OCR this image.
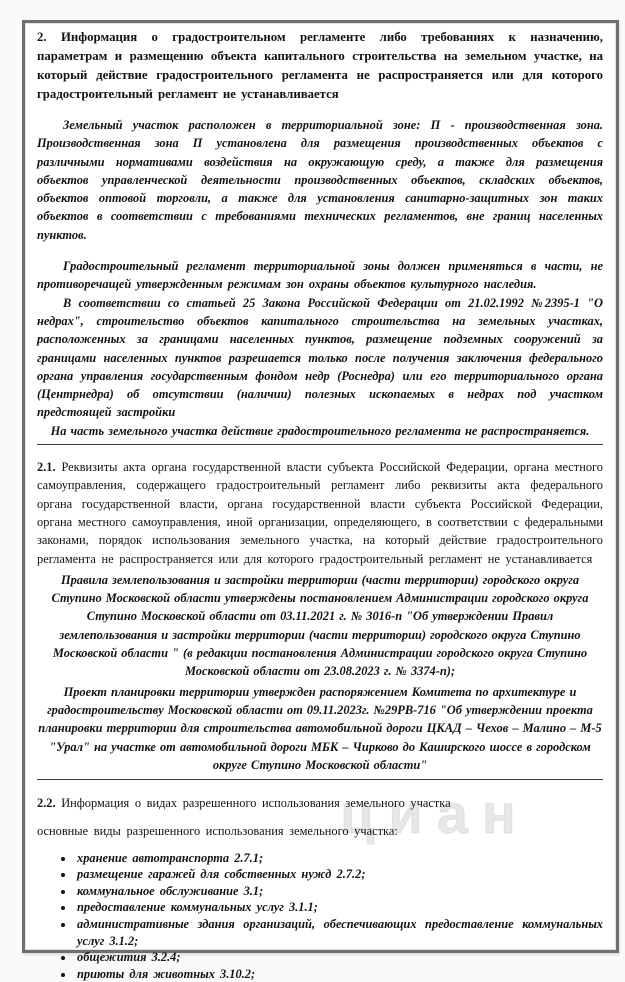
циан

2. Информация о градостроительном регламенте либо требованиях к назначению, параметрам и размещению объекта капитального строительства на земельном участке, на который действие градостроительного регламента не распространяется или для которого градостроительный регламент не устанавливается

Земельный участок расположен в территориальной зоне: П - производственная зона. Производственная зона П установлена для размещения производственных объектов с различными нормативами воздействия на окружающую среду, а также для размещения объектов управленческой деятельности производственных объектов, складских объектов, объектов оптовой торговли, а также для установления санитарно-защитных зон таких объектов в соответствии с требованиями технических регламентов, вне границ населенных пунктов.

Градостроительный регламент территориальной зоны должен применяться в части, не противоречащей утвержденным режимам зон охраны объектов культурного наследия.

В соответствии со статьей 25 Закона Российской Федерации от 21.02.1992 №2395-1 "О недрах", строительство объектов капитального строительства на земельных участках, расположенных за границами населенных пунктов, размещение подземных сооружений за границами населенных пунктов разрешается только после получения заключения федерального органа управления государственным фондом недр (Роснедра) или его территориального органа (Центрнедра) об отсутствии (наличии) полезных ископаемых в недрах под участком предстоящей застройки

На часть земельного участка действие градостроительного регламента не распространяется.

2.1. Реквизиты акта органа государственной власти субъекта Российской Федерации, органа местного самоуправления, содержащего градостроительный регламент либо реквизиты акта федерального органа государственной власти, органа государственной власти субъекта Российской Федерации, органа местного самоуправления, иной организации, определяющего, в соответствии с федеральными законами, порядок использования земельного участка, на который действие градостроительного регламента не распространяется или для которого градостроительный регламент не устанавливается

Правила землепользования и застройки территории (части территории) городского округа Ступино Московской области утверждены постановлением Администрации городского округа Ступино Московской области от 03.11.2021 г. № 3016-п "Об утверждении Правил землепользования и застройки территории (части территории) городского округа Ступино Московской области " (в редакции постановления Администрации городского округа Ступино Московской области от 23.08.2023 г. № 3374-п);

Проект планировки территории утвержден распоряжением Комитета по архитектуре и градостроительству Московской области от 09.11.2023г. №29РВ-716 "Об утверждении проекта планировки территории для строительства автомобильной дороги ЦКАД – Чехов – Малино – М-5 "Урал" на участке от автомобильной дороги МБК – Чирково до Каширского шоссе в городском округе Ступино Московской области"

2.2. Информация о видах разрешенного использования земельного участка

основные виды разрешенного использования земельного участка:

• хранение автотранспорта 2.7.1;
• размещение гаражей для собственных нужд 2.7.2;
• коммунальное обслуживание 3.1;
• предоставление коммунальных услуг 3.1.1;
• административные здания организаций, обеспечивающих предоставление коммунальных услуг 3.1.2;
• общежития 3.2.4;
• приюты для животных 3.10.2;
